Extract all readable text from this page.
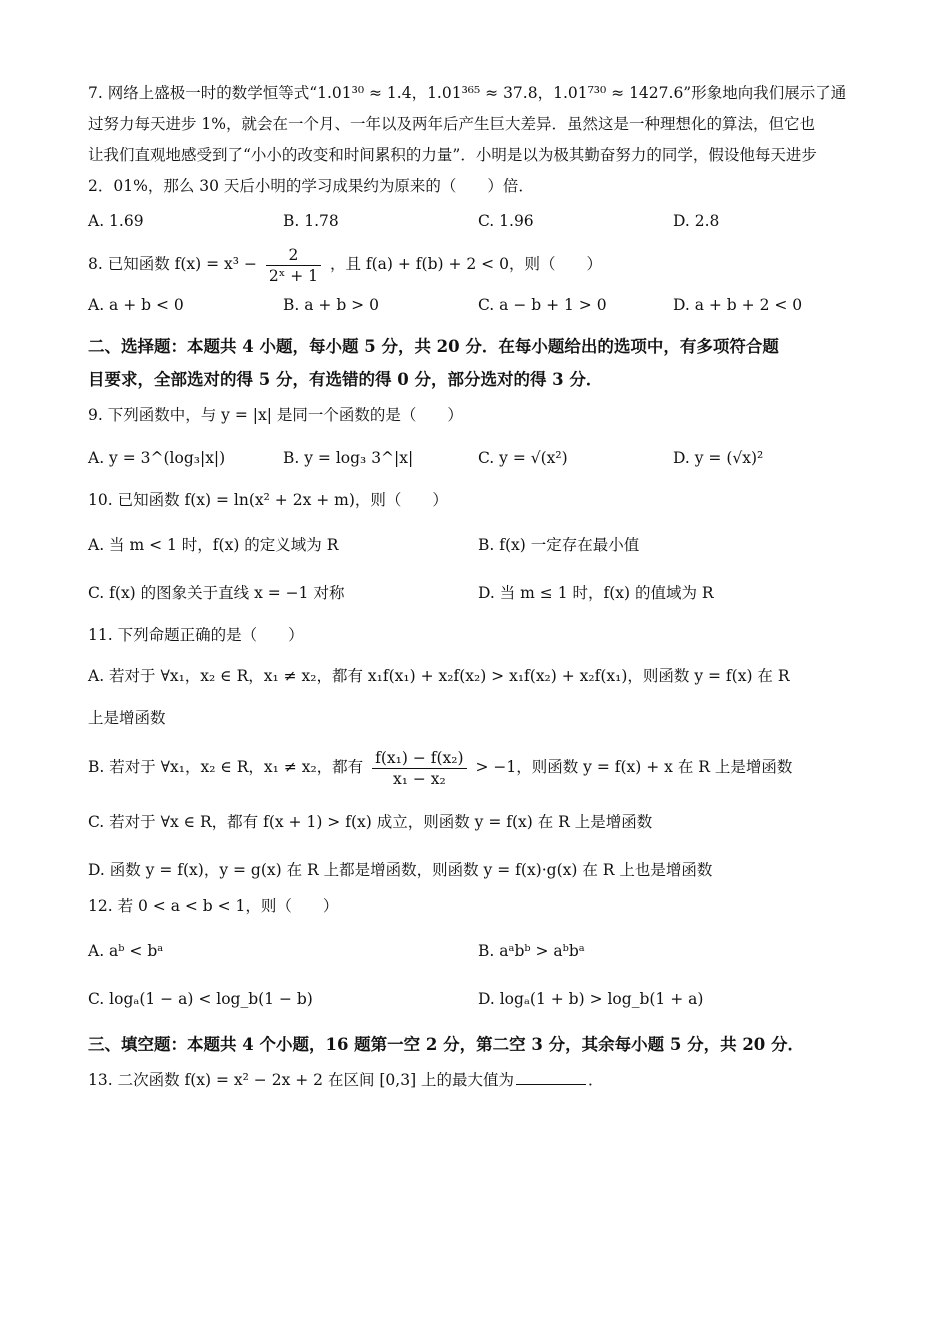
7. 网络上盛极一时的数学恒等式“1.01³⁰ ≈ 1.4，1.01³⁶⁵ ≈ 37.8，1.01⁷³⁰ ≈ 1427.6”形象地向我们展示了通
过努力每天进步 1%，就会在一个月、一年以及两年后产生巨大差异．虽然这是一种理想化的算法，但它也
让我们直观地感受到了“小小的改变和时间累积的力量”．小明是以为极其勤奋努力的同学，假设他每天进步
2．01%，那么 30 天后小明的学习成果约为原来的（　　）倍．
A. 1.69	B. 1.78	C. 1.96	D. 2.8
8. 已知函数 $f(x) = x^3 - \frac{2}{\text{2ˣ + 1}}$ ，且 f(a) + f(b) + 2 < 0，则（　　）
A. a + b < 0	B. a + b > 0	C. a − b + 1 > 0	D. a + b + 2 < 0
二、选择题：本题共 4 小题，每小题 5 分，共 20 分．在每小题给出的选项中，有多项符合题
目要求，全部选对的得 5 分，有选错的得 0 分，部分选对的得 3 分．
9. 下列函数中，与 y = |x| 是同一个函数的是（　　）
A. y = 3^(log₃|x|)	B. y = log₃ 3^|x|	C. y = √(x²)	D. y = (√x)²
10. 已知函数 f(x) = ln(x² + 2x + m)，则（　　）
A. 当 m < 1 时，f(x) 的定义域为 R	B. f(x) 一定存在最小值
C. f(x) 的图象关于直线 x = −1 对称	D. 当 m ≤ 1 时，f(x) 的值域为 R
11. 下列命题正确的是（　　）
A. 若对于 ∀x₁，x₂ ∈ R，x₁ ≠ x₂，都有 x₁f(x₁) + x₂f(x₂) > x₁f(x₂) + x₂f(x₁)，则函数 y = f(x) 在 R
上是增函数
B. 若对于 ∀x₁，x₂ ∈ R，x₁ ≠ x₂，都有 $\frac{\text{f(x₁) − f(x₂)}}{\text{x₁ − x₂}} > -1$，则函数 y = f(x) + x 在 R 上是增函数
C. 若对于 ∀x ∈ R，都有 f(x + 1) > f(x) 成立，则函数 y = f(x) 在 R 上是增函数
D. 函数 y = f(x)，y = g(x) 在 R 上都是增函数，则函数 y = f(x)·g(x) 在 R 上也是增函数
12. 若 0 < a < b < 1，则（　　）
A. aᵇ < bᵃ	B. aᵃbᵇ > aᵇbᵃ
C. logₐ(1 − a) < log_b(1 − b)	D. logₐ(1 + b) > log_b(1 + a)
三、填空题：本题共 4 个小题，16 题第一空 2 分，第二空 3 分，其余每小题 5 分，共 20 分．
13. 二次函数 f(x) = x² − 2x + 2 在区间 [0,3] 上的最大值为	．
